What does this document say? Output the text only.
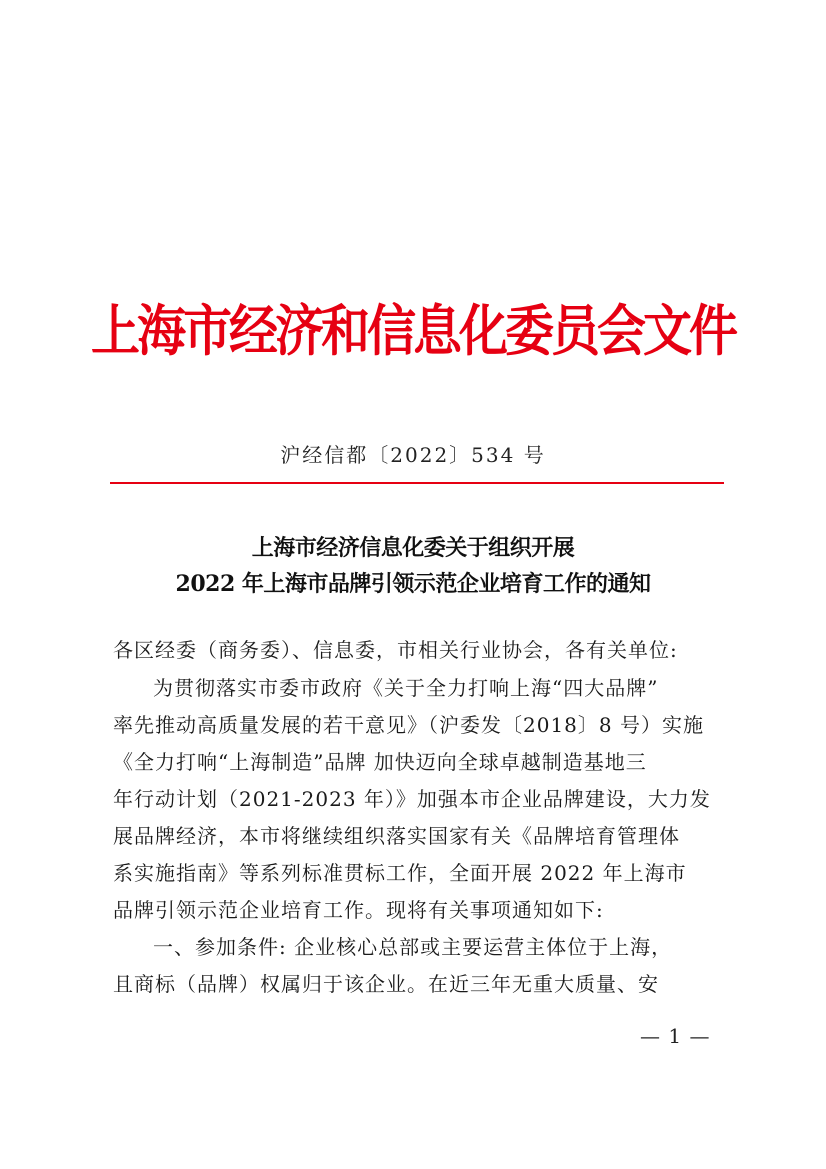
上海市经济和信息化委员会文件
沪经信都〔2022〕534 号
上海市经济信息化委关于组织开展
2022 年上海市品牌引领示范企业培育工作的通知
各区经委（商务委）、信息委，市相关行业协会，各有关单位:
为贯彻落实市委市政府《关于全力打响上海“四大品牌”
率先推动高质量发展的若干意见》（沪委发〔2018〕8 号）实施
《全力打响“上海制造”品牌 加快迈向全球卓越制造基地三
年行动计划（2021-2023 年）》加强本市企业品牌建设，大力发
展品牌经济，本市将继续组织落实国家有关《品牌培育管理体
系实施指南》等系列标准贯标工作，全面开展 2022 年上海市
品牌引领示范企业培育工作。现将有关事项通知如下:
一、参加条件: 企业核心总部或主要运营主体位于上海，
且商标（品牌）权属归于该企业。在近三年无重大质量、安
— 1 —
